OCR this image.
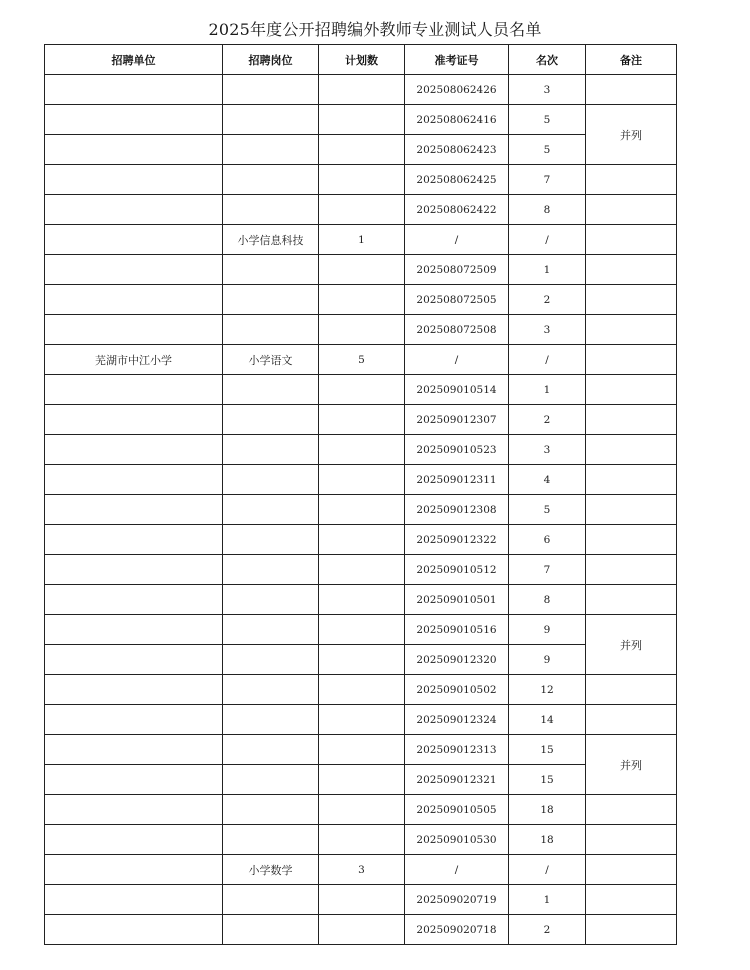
2025年度公开招聘编外教师专业测试人员名单
招聘单位	招聘岗位	计划数	准考证号	名次	备注
			202508062426	3	
			202508062416	5	并列
			202508062423	5	
			202508062425	7	
			202508062422	8	
	小学信息科技	1	/	/	
			202508072509	1	
			202508072505	2	
			202508072508	3	
芜湖市中江小学	小学语文	5	/	/	
			202509010514	1	
			202509012307	2	
			202509010523	3	
			202509012311	4	
			202509012308	5	
			202509012322	6	
			202509010512	7	
			202509010501	8	
			202509010516	9	并列
			202509012320	9	
			202509010502	12	
			202509012324	14	
			202509012313	15	并列
			202509012321	15	
			202509010505	18	
			202509010530	18	
	小学数学	3	/	/	
			202509020719	1	
			202509020718	2	
